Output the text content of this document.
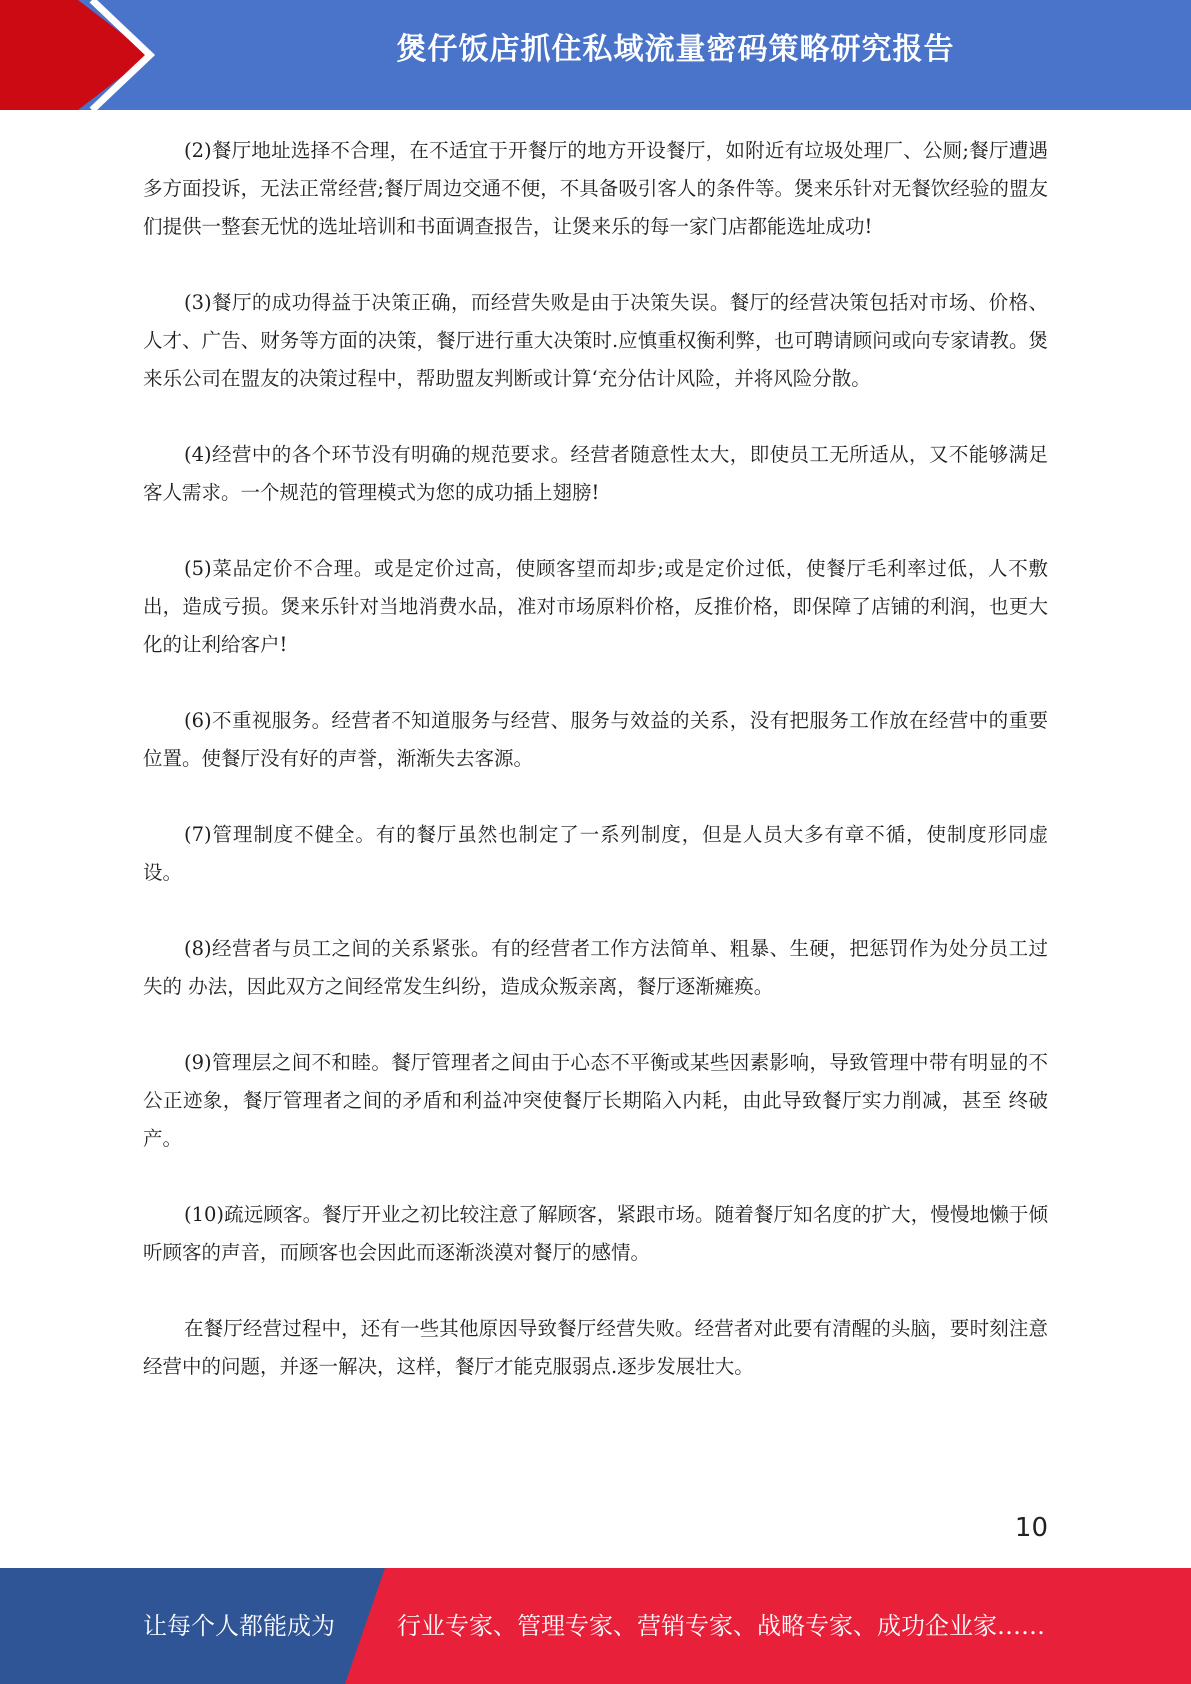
煲仔饭店抓住私域流量密码策略研究报告

(2)餐厅地址选择不合理，在不适宜于开餐厅的地方开设餐厅，如附近有垃圾处理厂、公厕;餐厅遭遇多方面投诉，无法正常经营;餐厅周边交通不便，不具备吸引客人的条件等。煲来乐针对无餐饮经验的盟友们提供一整套无忧的选址培训和书面调查报告，让煲来乐的每一家门店都能选址成功!

(3)餐厅的成功得益于决策正确，而经营失败是由于决策失误。餐厅的经营决策包括对市场、价格、人才、广告、财务等方面的决策，餐厅进行重大决策时.应慎重权衡利弊，也可聘请顾问或向专家请教。煲来乐公司在盟友的决策过程中，帮助盟友判断或计算‘充分估计风险，并将风险分散。

(4)经营中的各个环节没有明确的规范要求。经营者随意性太大，即使员工无所适从，又不能够满足客人需求。一个规范的管理模式为您的成功插上翅膀!

(5)菜品定价不合理。或是定价过高，使顾客望而却步;或是定价过低，使餐厅毛利率过低，人不敷出，造成亏损。煲来乐针对当地消费水品，准对市场原料价格，反推价格，即保障了店铺的利润，也更大化的让利给客户!

(6)不重视服务。经营者不知道服务与经营、服务与效益的关系，没有把服务工作放在经营中的重要位置。使餐厅没有好的声誉，渐渐失去客源。

(7)管理制度不健全。有的餐厅虽然也制定了一系列制度，但是人员大多有章不循，使制度形同虚设。

(8)经营者与员工之间的关系紧张。有的经营者工作方法简单、粗暴、生硬，把惩罚作为处分员工过失的 办法，因此双方之间经常发生纠纷，造成众叛亲离，餐厅逐渐瘫痪。

(9)管理层之间不和睦。餐厅管理者之间由于心态不平衡或某些因素影响，导致管理中带有明显的不公正迹象，餐厅管理者之间的矛盾和利益冲突使餐厅长期陷入内耗，由此导致餐厅实力削减，甚至 终破产。

(10)疏远顾客。餐厅开业之初比较注意了解顾客，紧跟市场。随着餐厅知名度的扩大，慢慢地懒于倾听顾客的声音，而顾客也会因此而逐渐淡漠对餐厅的感情。

在餐厅经营过程中，还有一些其他原因导致餐厅经营失败。经营者对此要有清醒的头脑，要时刻注意经营中的问题，并逐一解决，这样，餐厅才能克服弱点.逐步发展壮大。

10
让每个人都能成为	行业专家、管理专家、营销专家、战略专家、成功企业家……
